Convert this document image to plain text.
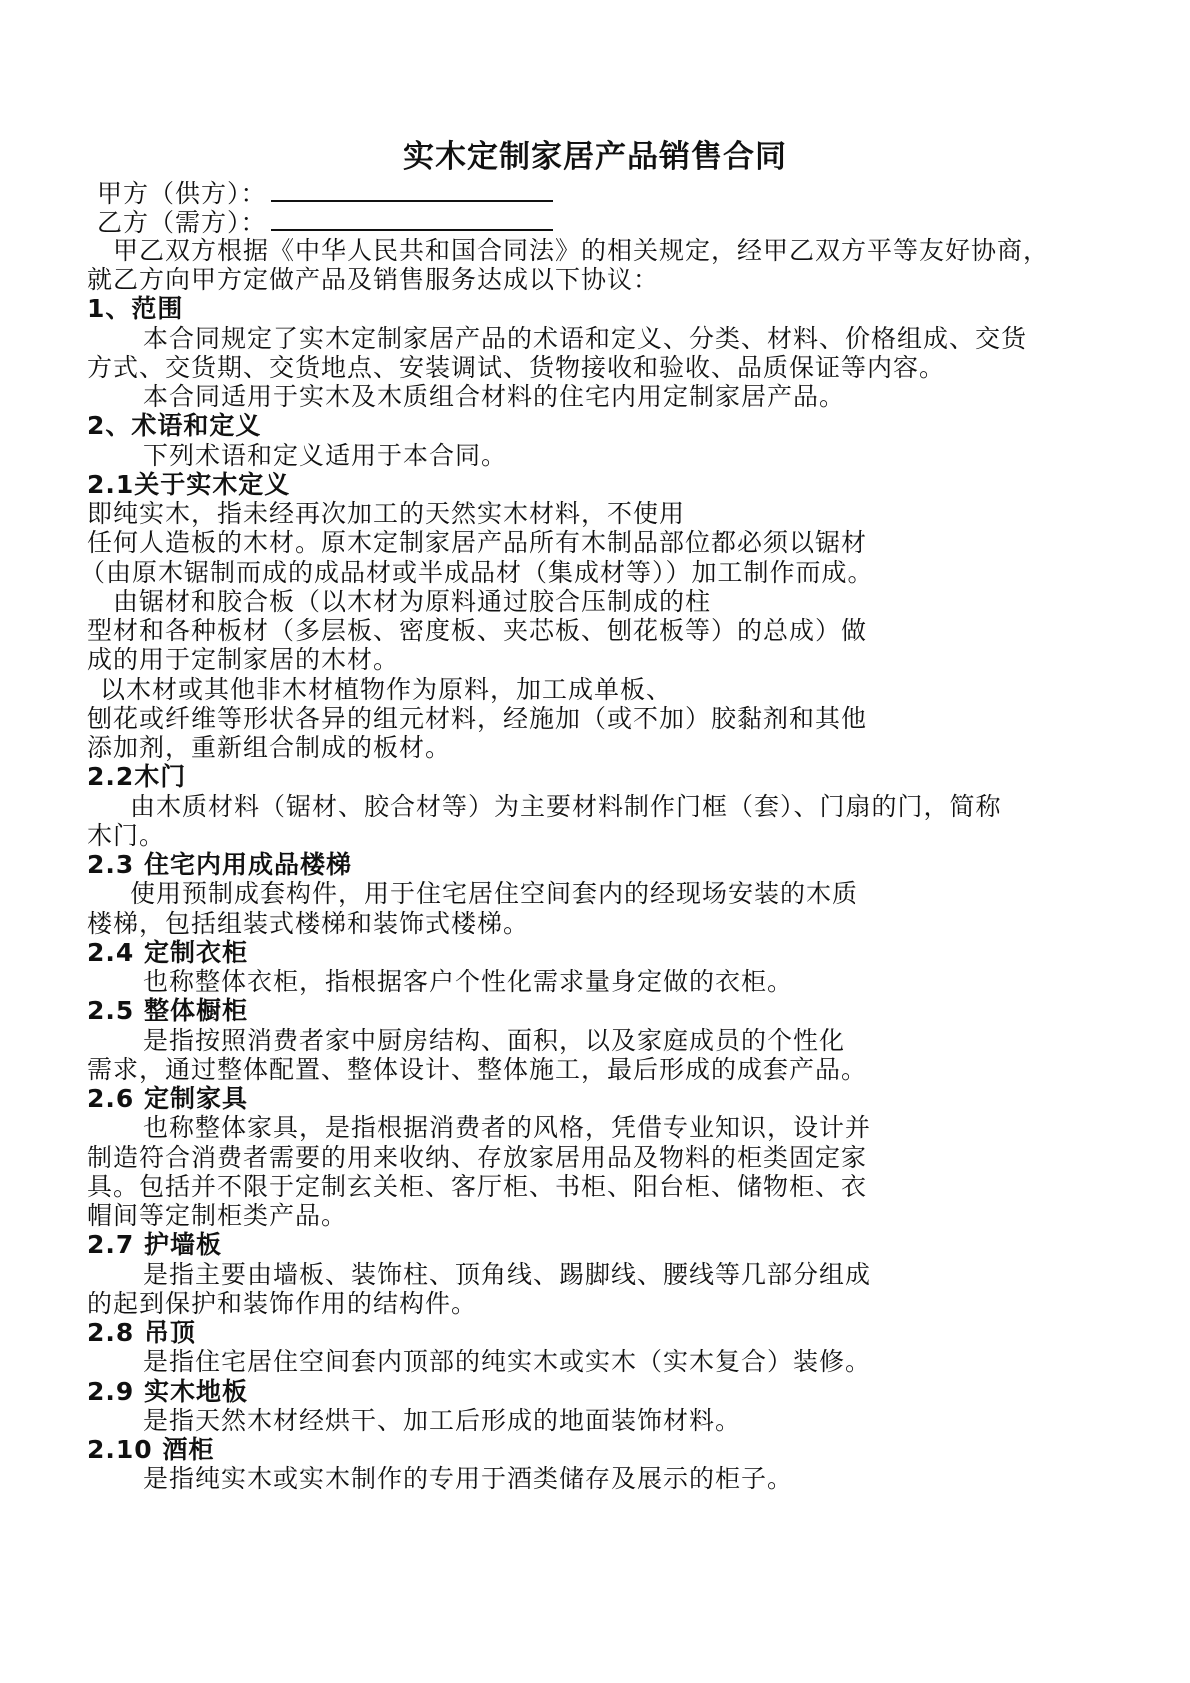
实木定制家居产品销售合同
甲方（供方）：
乙方（需方）：
甲乙双方根据《中华人民共和国合同法》的相关规定，经甲乙双方平等友好协商，
就乙方向甲方定做产品及销售服务达成以下协议：
1、范围
本合同规定了实木定制家居产品的术语和定义、分类、材料、价格组成、交货
方式、交货期、交货地点、安装调试、货物接收和验收、品质保证等内容。
本合同适用于实木及木质组合材料的住宅内用定制家居产品。
2、术语和定义
下列术语和定义适用于本合同。
2.1关于实木定义
即纯实木，指未经再次加工的天然实木材料，不使用
任何人造板的木材。原木定制家居产品所有木制品部位都必须以锯材
（由原木锯制而成的成品材或半成品材（集成材等））加工制作而成。
由锯材和胶合板（以木材为原料通过胶合压制成的柱
型材和各种板材（多层板、密度板、夹芯板、刨花板等）的总成）做
成的用于定制家居的木材。
以木材或其他非木材植物作为原料，加工成单板、
刨花或纤维等形状各异的组元材料，经施加（或不加）胶黏剂和其他
添加剂，重新组合制成的板材。
2.2木门
由木质材料（锯材、胶合材等）为主要材料制作门框（套）、门扇的门，简称
木门。
2.3 住宅内用成品楼梯
使用预制成套构件，用于住宅居住空间套内的经现场安装的木质
楼梯，包括组装式楼梯和装饰式楼梯。
2.4 定制衣柜
也称整体衣柜，指根据客户个性化需求量身定做的衣柜。
2.5 整体橱柜
是指按照消费者家中厨房结构、面积，以及家庭成员的个性化
需求，通过整体配置、整体设计、整体施工，最后形成的成套产品。
2.6 定制家具
也称整体家具，是指根据消费者的风格，凭借专业知识，设计并
制造符合消费者需要的用来收纳、存放家居用品及物料的柜类固定家
具。包括并不限于定制玄关柜、客厅柜、书柜、阳台柜、储物柜、衣
帽间等定制柜类产品。
2.7 护墙板
是指主要由墙板、装饰柱、顶角线、踢脚线、腰线等几部分组成
的起到保护和装饰作用的结构件。
2.8 吊顶
是指住宅居住空间套内顶部的纯实木或实木（实木复合）装修。
2.9 实木地板
是指天然木材经烘干、加工后形成的地面装饰材料。
2.10 酒柜
是指纯实木或实木制作的专用于酒类储存及展示的柜子。
